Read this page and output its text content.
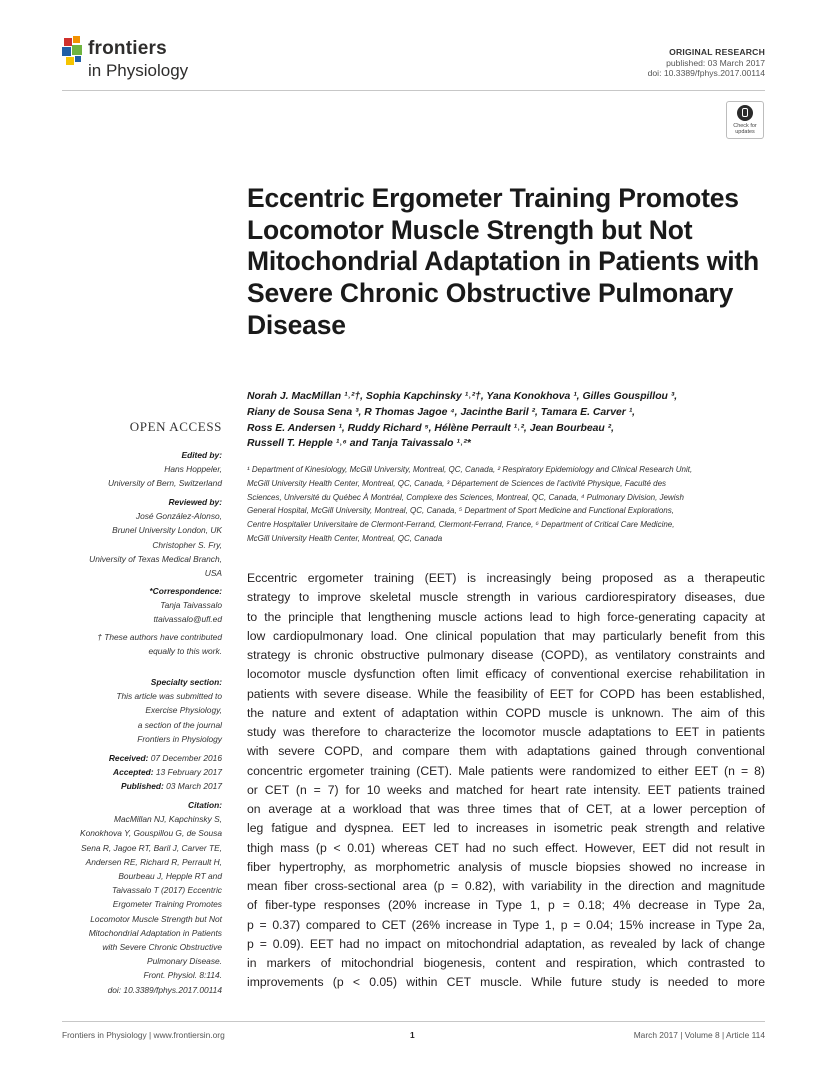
frontiers
in Physiology
ORIGINAL RESEARCH
published: 03 March 2017
doi: 10.3389/fphys.2017.00114
Check for updates
Eccentric Ergometer Training Promotes Locomotor Muscle Strength but Not Mitochondrial Adaptation in Patients with Severe Chronic Obstructive Pulmonary Disease
Norah J. MacMillan ¹˒²†, Sophia Kapchinsky ¹˒²†, Yana Konokhova ¹, Gilles Gouspillou ³,
Riany de Sousa Sena ³, R Thomas Jagoe ⁴, Jacinthe Baril ², Tamara E. Carver ¹,
Ross E. Andersen ¹, Ruddy Richard ⁵, Hélène Perrault ¹˒², Jean Bourbeau ²,
Russell T. Hepple ¹˒⁶ and Tanja Taivassalo ¹˒²*
¹ Department of Kinesiology, McGill University, Montreal, QC, Canada, ² Respiratory Epidemiology and Clinical Research Unit,
McGill University Health Center, Montreal, QC, Canada, ³ Département de Sciences de l'activité Physique, Faculté des
Sciences, Université du Québec À Montréal, Complexe des Sciences, Montreal, QC, Canada, ⁴ Pulmonary Division, Jewish
General Hospital, McGill University, Montreal, QC, Canada, ⁵ Department of Sport Medicine and Functional Explorations,
Centre Hospitalier Universitaire de Clermont-Ferrand, Clermont-Ferrand, France, ⁶ Department of Critical Care Medicine,
McGill University Health Center, Montreal, QC, Canada
Eccentric ergometer training (EET) is increasingly being proposed as a therapeutic
strategy to improve skeletal muscle strength in various cardiorespiratory diseases, due
to the principle that lengthening muscle actions lead to high force-generating capacity at
low cardiopulmonary load. One clinical population that may particularly benefit from this
strategy is chronic obstructive pulmonary disease (COPD), as ventilatory constraints and
locomotor muscle dysfunction often limit efficacy of conventional exercise rehabilitation in
patients with severe disease. While the feasibility of EET for COPD has been established,
the nature and extent of adaptation within COPD muscle is unknown. The aim of this
study was therefore to characterize the locomotor muscle adaptations to EET in patients
with severe COPD, and compare them with adaptations gained through conventional
concentric ergometer training (CET). Male patients were randomized to either EET (n = 8)
or CET (n = 7) for 10 weeks and matched for heart rate intensity. EET patients trained
on average at a workload that was three times that of CET, at a lower perception of
leg fatigue and dyspnea. EET led to increases in isometric peak strength and relative
thigh mass (p < 0.01) whereas CET had no such effect. However, EET did not result in
fiber hypertrophy, as morphometric analysis of muscle biopsies showed no increase in
mean fiber cross-sectional area (p = 0.82), with variability in the direction and magnitude
of fiber-type responses (20% increase in Type 1, p = 0.18; 4% decrease in Type 2a,
p = 0.37) compared to CET (26% increase in Type 1, p = 0.04; 15% increase in Type 2a,
p = 0.09). EET had no impact on mitochondrial adaptation, as revealed by lack of change
in markers of mitochondrial biogenesis, content and respiration, which contrasted to
improvements (p < 0.05) within CET muscle. While future study is needed to more
OPEN ACCESS
Edited by:
Hans Hoppeler,
University of Bern, Switzerland
Reviewed by:
José González-Alonso,
Brunel University London, UK
Christopher S. Fry,
University of Texas Medical Branch,
USA
*Correspondence:
Tanja Taivassalo
ttaivassalo@ufl.ed
† These authors have contributed
equally to this work.
Specialty section:
This article was submitted to
Exercise Physiology,
a section of the journal
Frontiers in Physiology
Received: 07 December 2016
Accepted: 13 February 2017
Published: 03 March 2017
Citation:
MacMillan NJ, Kapchinsky S,
Konokhova Y, Gouspillou G, de Sousa
Sena R, Jagoe RT, Baril J, Carver TE,
Andersen RE, Richard R, Perrault H,
Bourbeau J, Hepple RT and
Taivassalo T (2017) Eccentric
Ergometer Training Promotes
Locomotor Muscle Strength but Not
Mitochondrial Adaptation in Patients
with Severe Chronic Obstructive
Pulmonary Disease.
Front. Physiol. 8:114.
doi: 10.3389/fphys.2017.00114
Frontiers in Physiology | www.frontiersin.org	1	March 2017 | Volume 8 | Article 114
